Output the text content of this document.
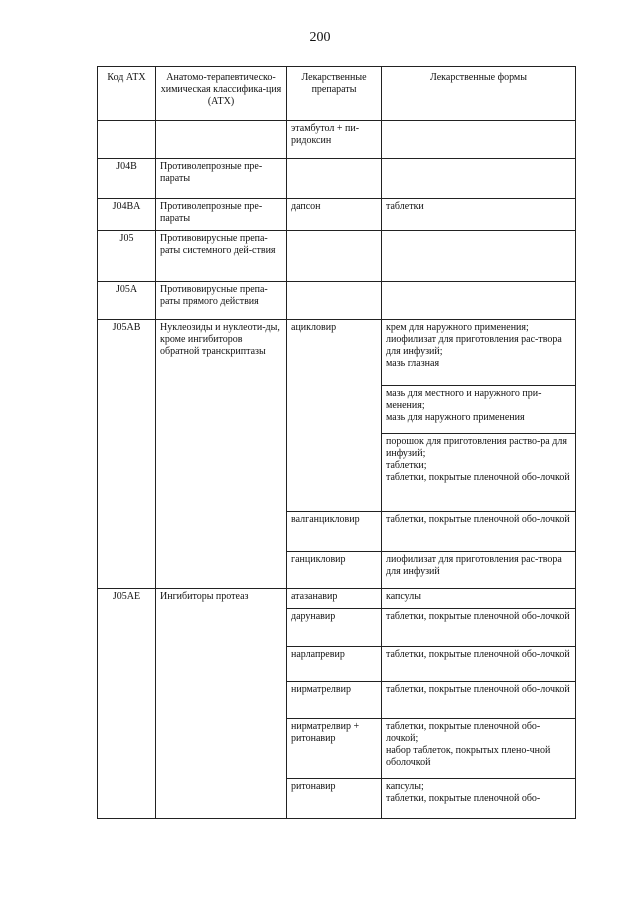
200
Код АТХ	Анатомо-терапевтическо-химическая классифика-ция (АТХ)	Лекарственные препараты	Лекарственные формы
		этамбутол + пи-ридоксин	
J04B	Противолепрозные пре-параты		
J04BA	Противолепрозные пре-параты	дапсон	таблетки
J05	Противовирусные препа-раты системного дей-ствия		
J05A	Противовирусные препа-раты прямого действия		
J05AB	Нуклеозиды и нуклеоти-ды, кроме ингибиторов обратной транскриптазы	ацикловир	крем для наружного применения;
лиофилизат для приготовления рас-твора для инфузий;
мазь глазная
			мазь для местного и наружного при-менения;
мазь для наружного применения
			порошок для приготовления раство-ра для инфузий;
таблетки;
таблетки, покрытые пленочной обо-лочкой
		валганцикловир	таблетки, покрытые пленочной обо-лочкой
		ганцикловир	лиофилизат для приготовления рас-твора для инфузий
J05AE	Ингибиторы протеаз	атазанавир	капсулы
		дарунавир	таблетки, покрытые пленочной обо-лочкой
		нарлапревир	таблетки, покрытые пленочной обо-лочкой
		нирматрелвир	таблетки, покрытые пленочной обо-лочкой
		нирматрелвир + ритонавир	таблетки, покрытые пленочной обо-лочкой;
набор таблеток, покрытых плено-чной оболочкой
		ритонавир	капсулы;
таблетки, покрытые пленочной обо-
